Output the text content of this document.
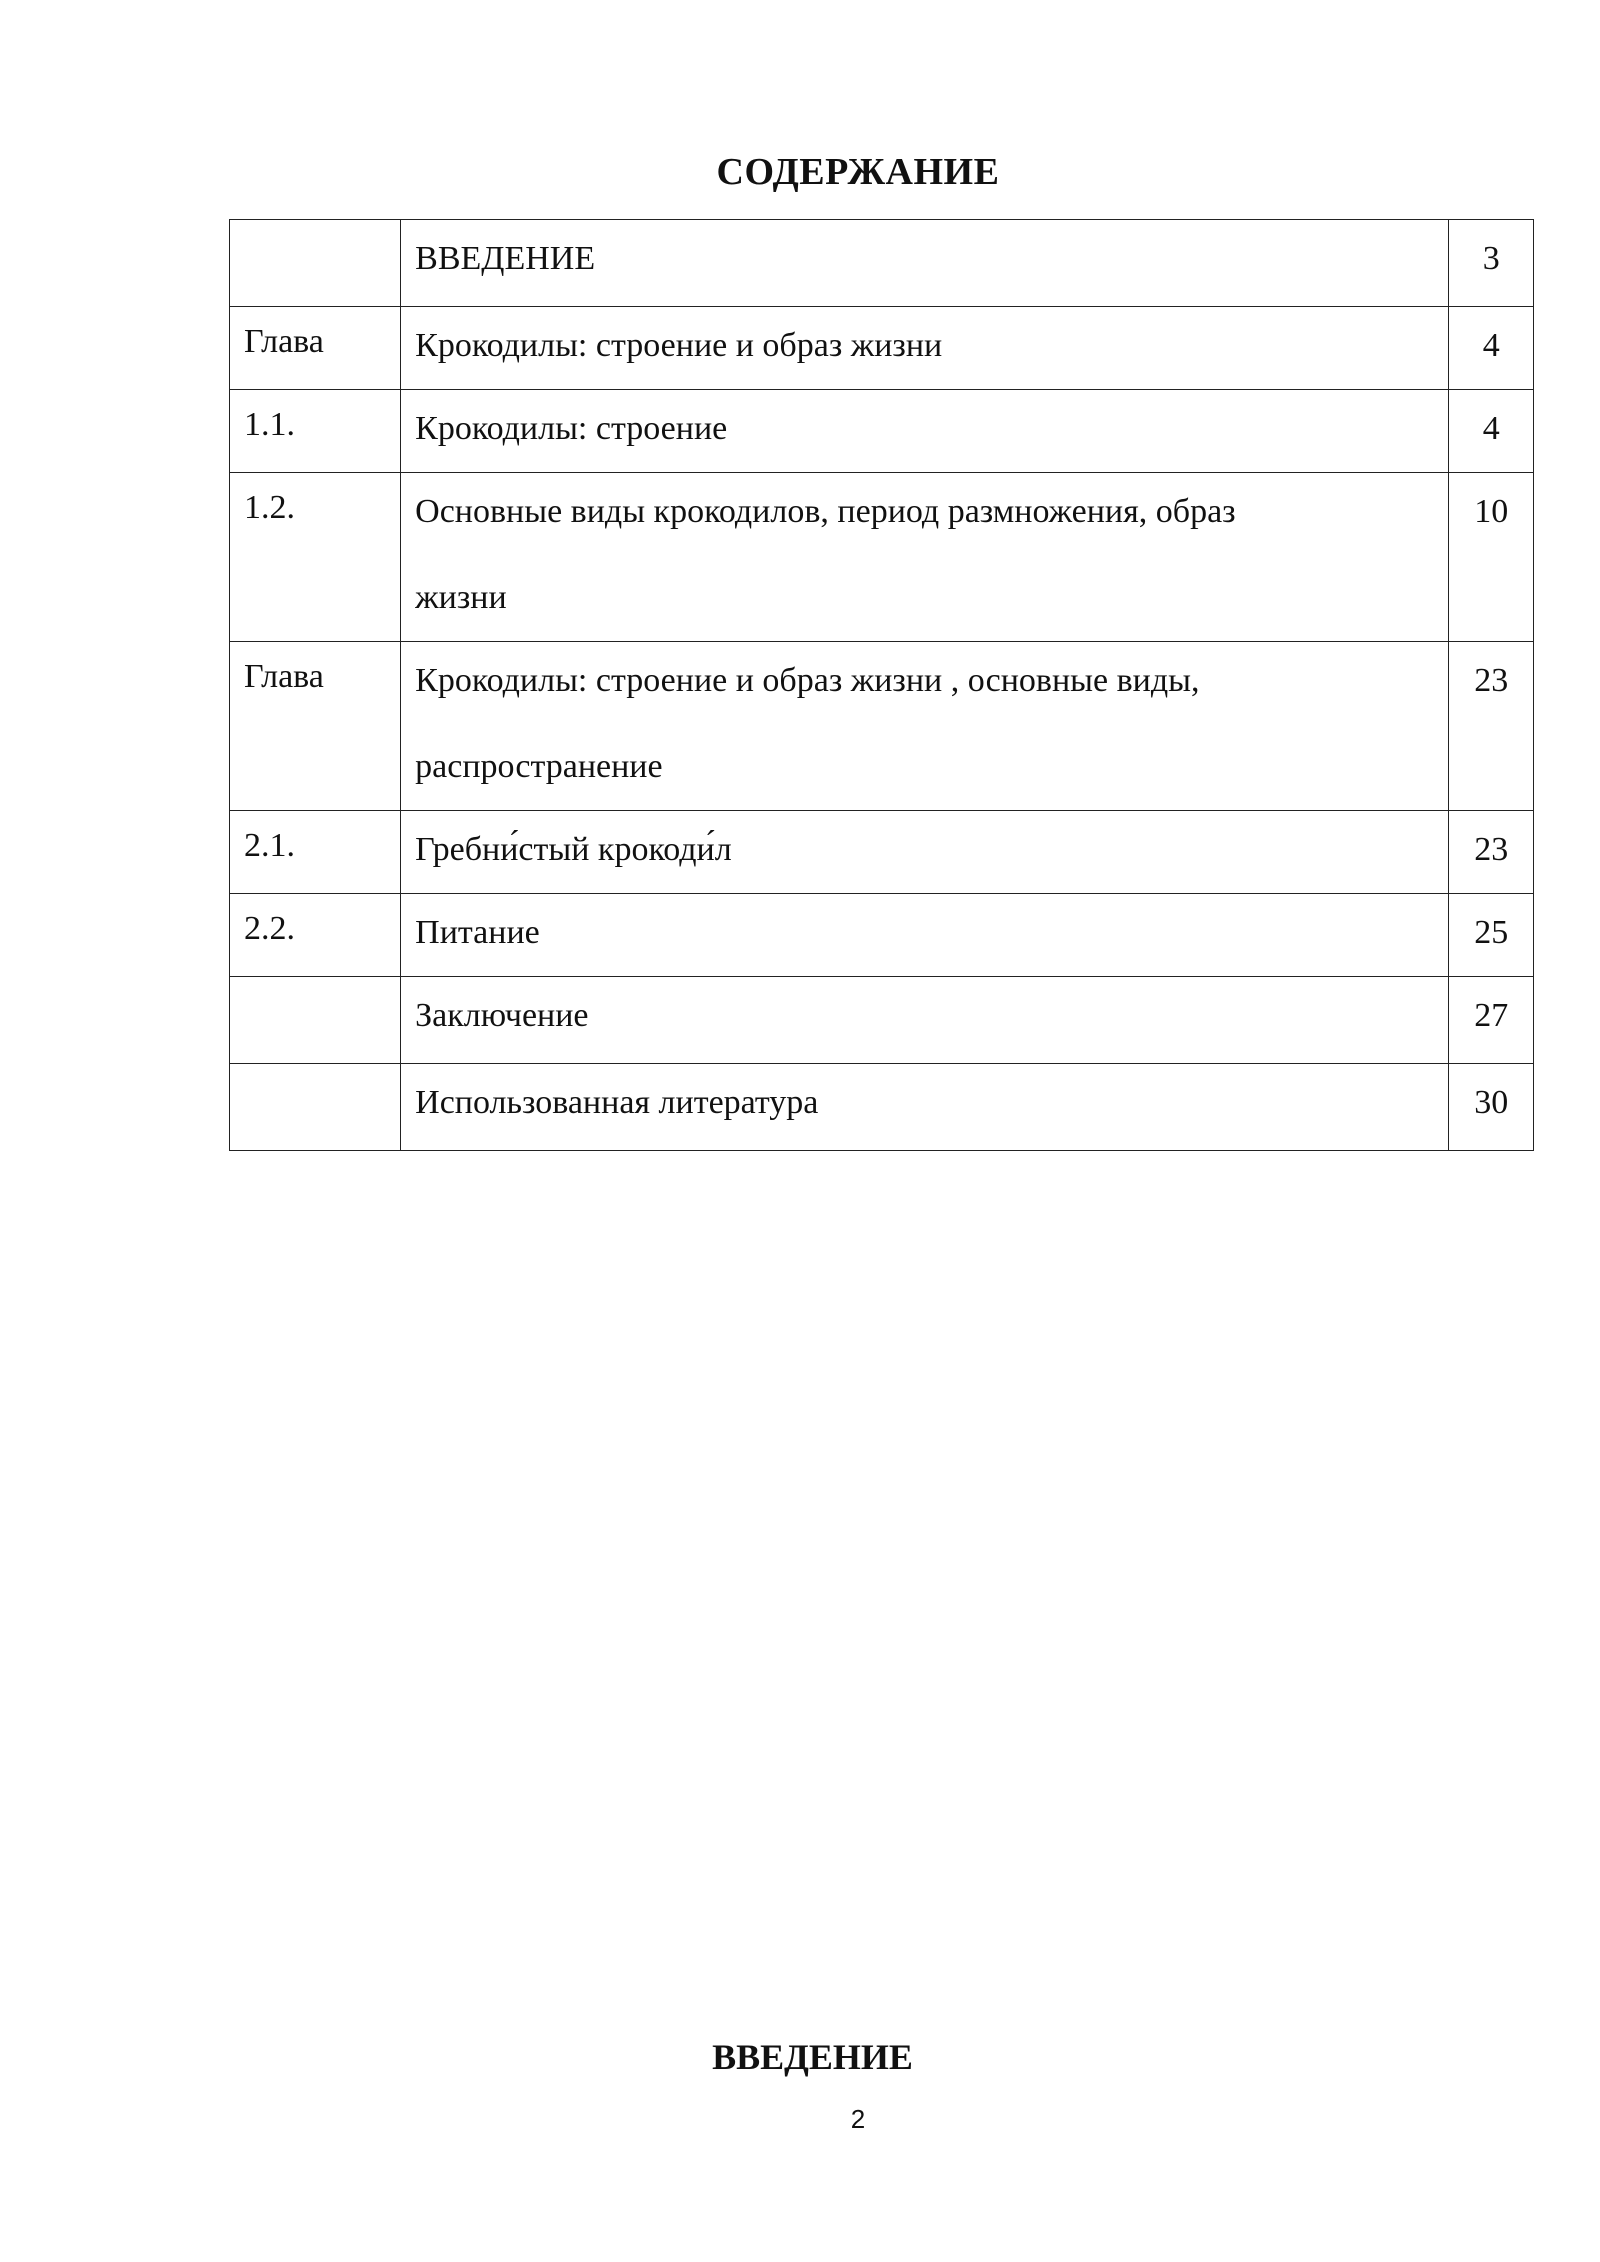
СОДЕРЖАНИЕ

	ВВЕДЕНИЕ	3

Глава	Крокодилы: строение и образ жизни	4

1.1.	Крокодилы: строение	4

1.2.	Основные виды крокодилов, период размножения, образ
жизни	10

Глава	Крокодилы: строение и образ жизни , основные виды,
распространение	23

2.1.	Гребни́стый крокоди́л	23

2.2.	Питание	25

	Заключение	27

	Использованная литература	30
ВВЕДЕНИЕ
2
